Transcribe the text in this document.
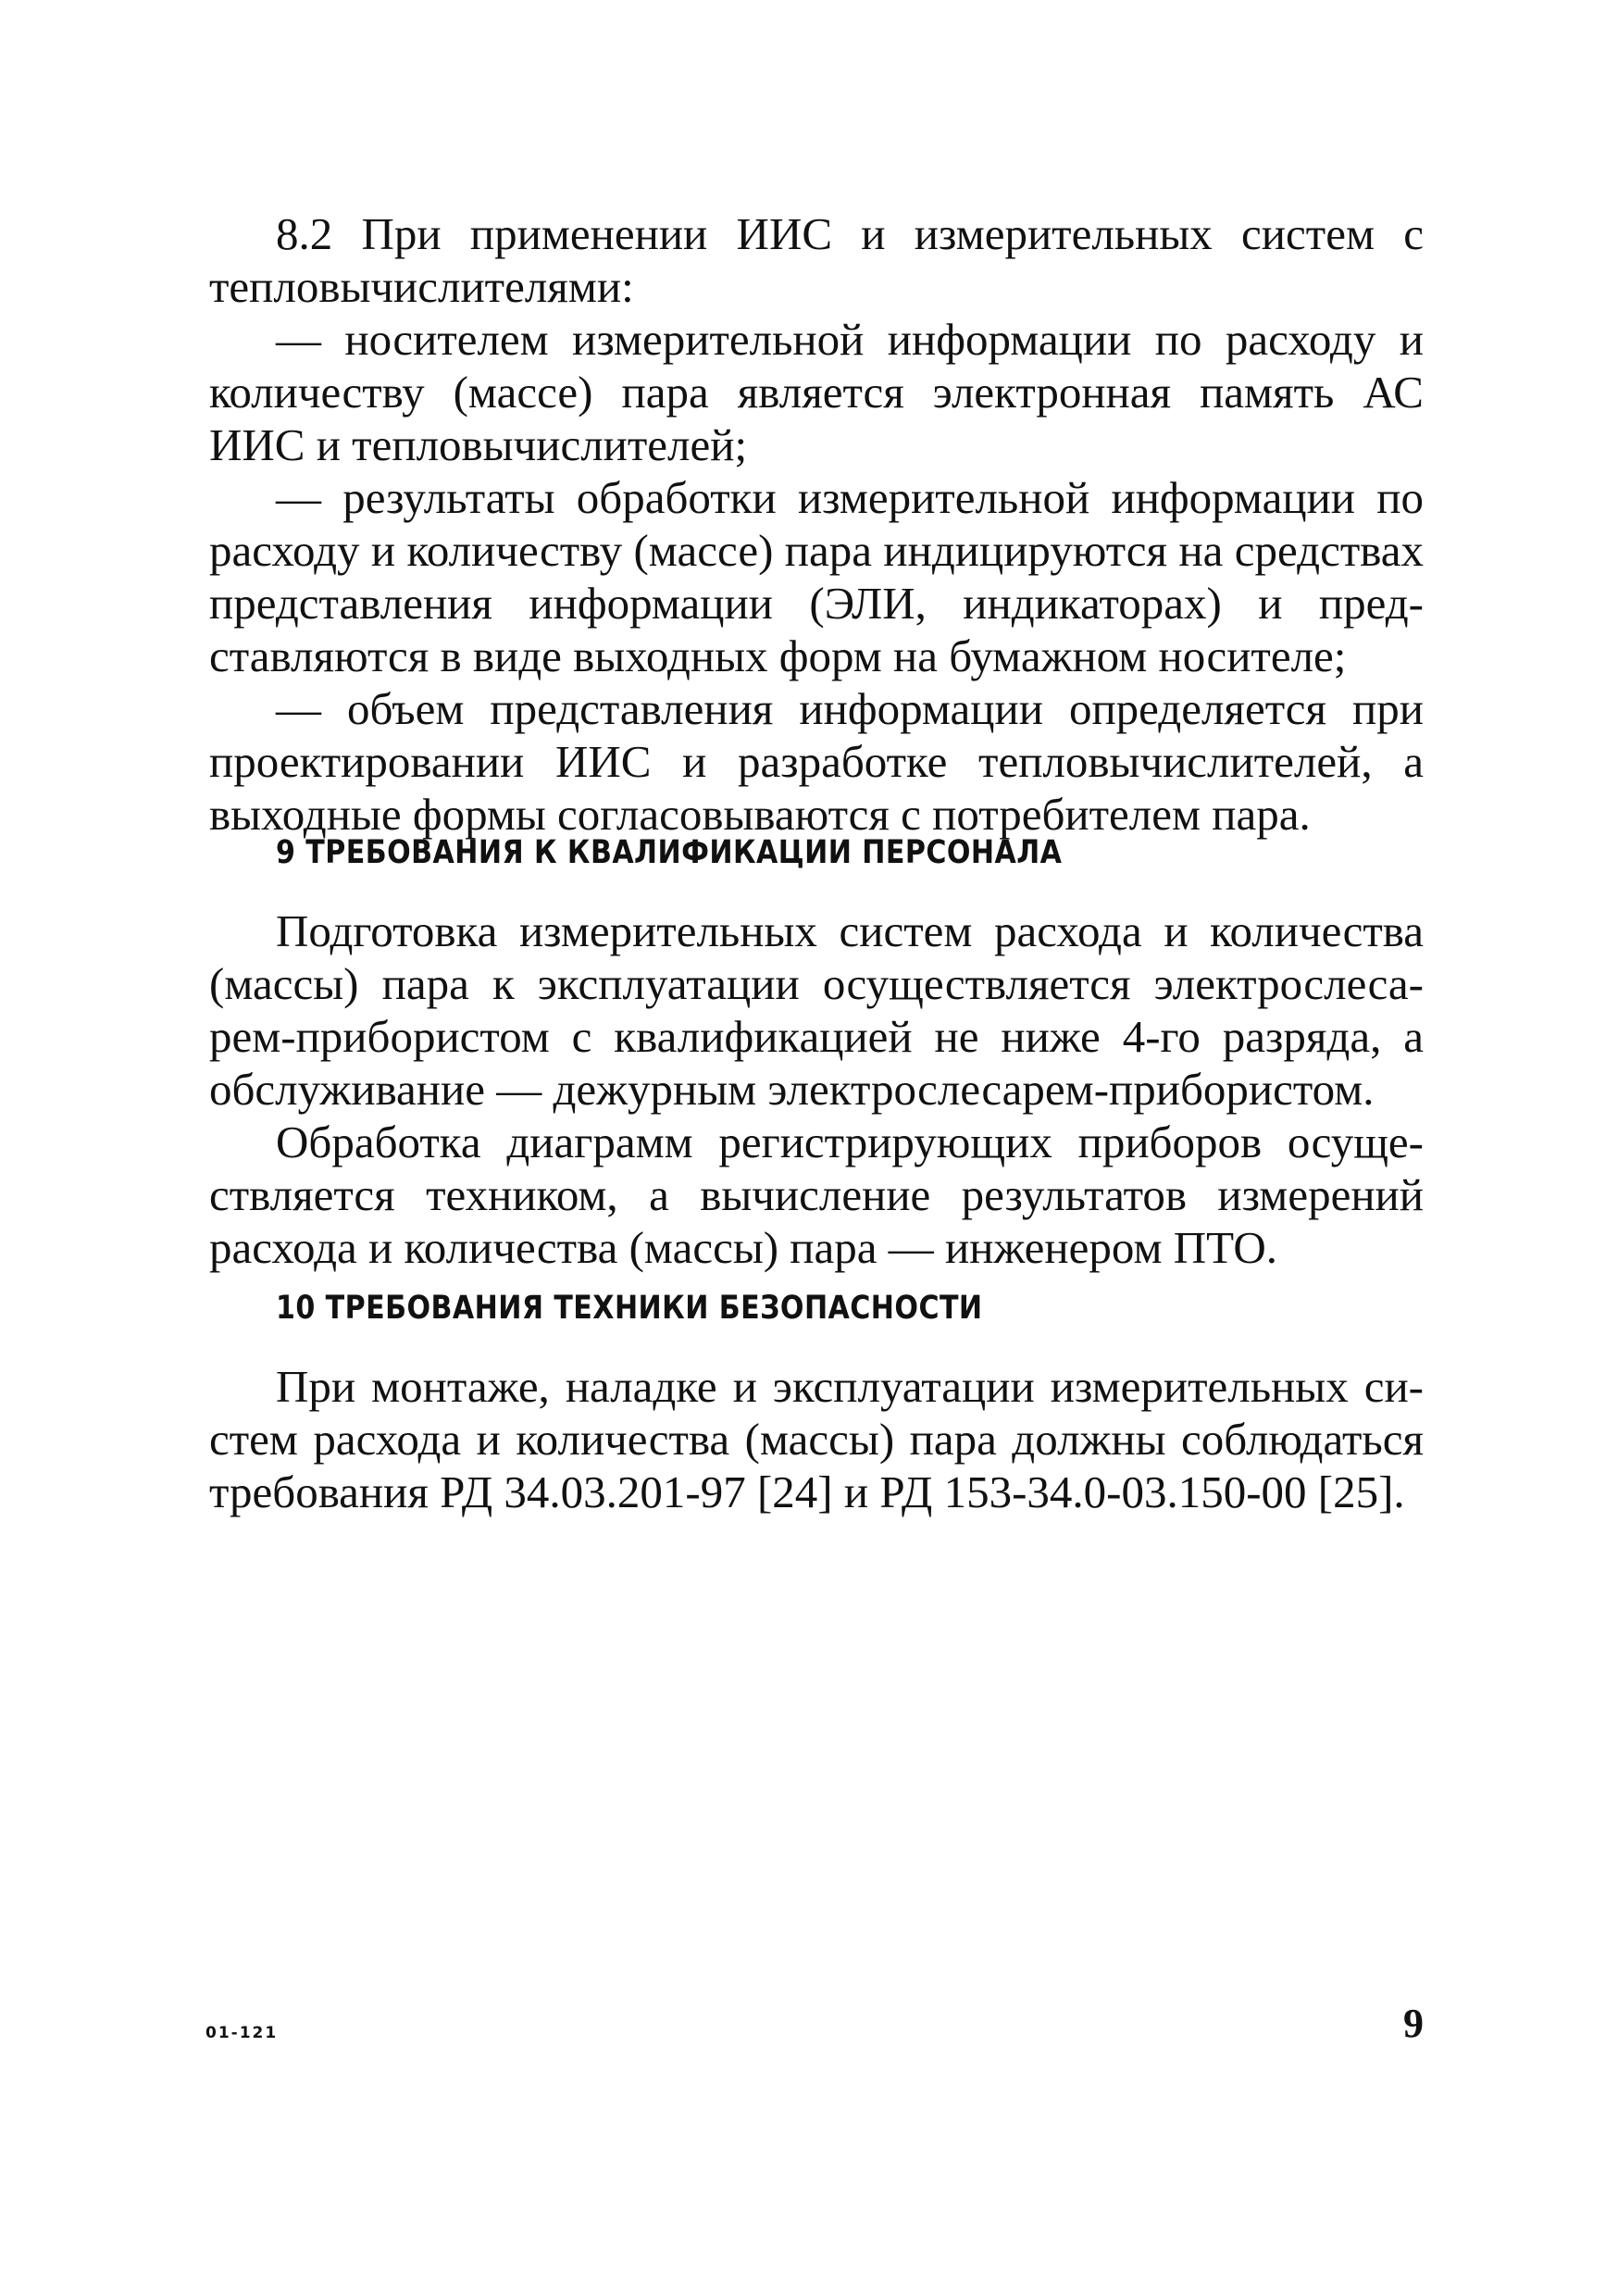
8.2 При применении ИИС и измерительных систем с тепловычислителями:

— носителем измерительной информации по расходу и количеству (массе) пара является электронная память АС ИИС и тепловычислителей;

— результаты обработки измерительной информации по расходу и количеству (массе) пара индицируются на средствах представления информации (ЭЛИ, индикаторах) и представляются в виде выходных форм на бумажном носителе;

— объем представления информации определяется при проектировании ИИС и разработке тепловычислителей, а выходные формы согласовываются с потребителем пара.

9 ТРЕБОВАНИЯ К КВАЛИФИКАЦИИ ПЕРСОНАЛА

Подготовка измерительных систем расхода и количества (массы) пара к эксплуатации осуществляется электрослесарем-прибористом с квалификацией не ниже 4-го разряда, а обслуживание — дежурным электрослесарем-прибористом.

Обработка диаграмм регистрирующих приборов осуществляется техником, а вычисление результатов измерений расхода и количества (массы) пара — инженером ПТО.

10 ТРЕБОВАНИЯ ТЕХНИКИ БЕЗОПАСНОСТИ

При монтаже, наладке и эксплуатации измерительных систем расхода и количества (массы) пара должны соблюдаться требования РД 34.03.201-97 [24] и РД 153-34.0-03.150-00 [25].

01-121	9
